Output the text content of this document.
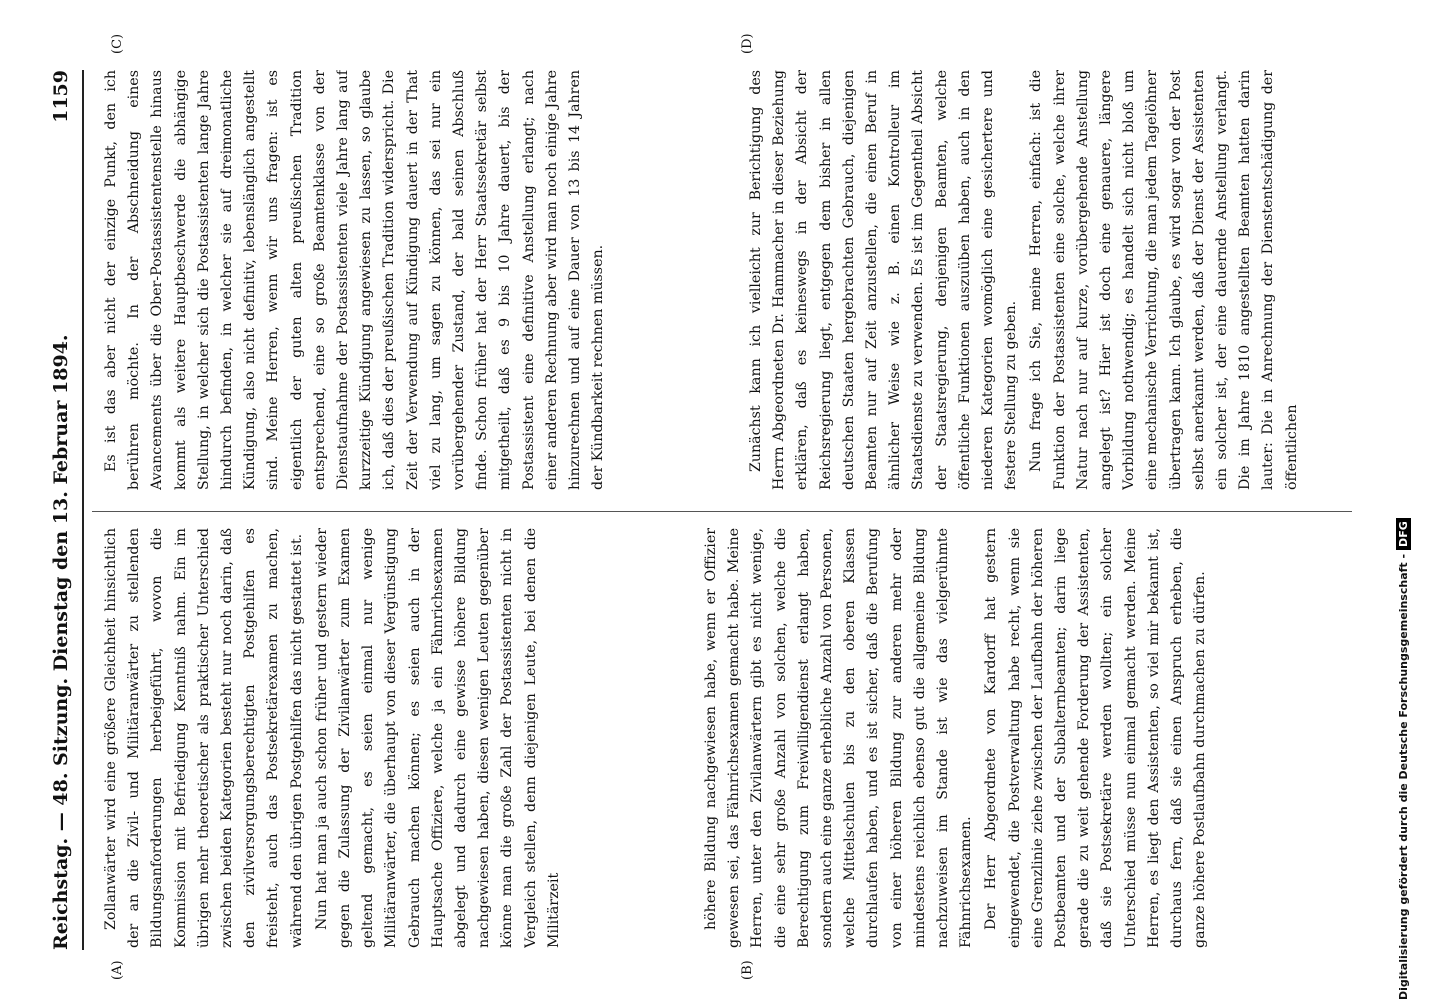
Reichstag. — 48. Sitzung. Dienstag den 13. Februar 1894.
1159
(A)	(B)
(C)	(D)

Zollanwärter wird eine größere Gleichheit hinsichtlich der an die Zivil- und Militäranwärter zu stellenden Bildungsanforderungen herbeigeführt, wovon die Kommission mit Befriedigung Kenntniß nahm. Ein im übrigen mehr theoretischer als praktischer Unterschied zwischen beiden Kategorien besteht nur noch darin, daß den zivilversorgungsberechtigten Postgehilfen es freisteht, auch das Postsekretärexamen zu machen, während den übrigen Postgehilfen das nicht gestattet ist. Nun hat man ja auch schon früher und gestern wieder gegen die Zulassung der Zivilanwärter zum Examen geltend gemacht, es seien einmal nur wenige Militäranwärter, die überhaupt von dieser Vergünstigung Gebrauch machen können; es seien auch in der Hauptsache Offiziere, welche ja ein Fähnrichsexamen abgelegt und dadurch eine gewisse höhere Bildung nachgewiesen haben, diesen wenigen Leuten gegenüber könne man die große Zahl der Postassistenten nicht in Vergleich stellen, denn diejenigen Leute, bei denen die Militärzeit	höhere Bildung nachgewiesen habe, wenn er Offizier gewesen sei, das Fähnrichsexamen gemacht habe. Meine Herren, unter den Zivilanwärtern gibt es nicht wenige, die eine sehr große Anzahl von solchen, welche die Berechtigung zum Freiwilligendienst erlangt haben, sondern auch eine ganze erhebliche Anzahl von Personen, welche Mittelschulen bis zu den oberen Klassen durchlaufen haben, und es ist sicher, daß die Berufung von einer höheren Bildung zur anderen mehr oder mindestens reichlich ebenso gut die allgemeine Bildung nachzuweisen im Stande ist wie das vielgerühmte Fähnrichsexamen. Der Herr Abgeordnete von Kardorff hat gestern eingewendet, die Postverwaltung habe recht, wenn sie eine Grenzlinie ziehe zwischen der Laufbahn der höheren Postbeamten und der Subalternbeamten; darin liege gerade die zu weit gehende Forderung der Assistenten, daß sie Postsekretäre werden wollten; ein solcher Unterschied müsse nun einmal gemacht werden. Meine Herren, es liegt den Assistenten, so viel mir bekannt ist, durchaus fern, daß sie einen Anspruch erheben, die ganze höhere Postlaufbahn durchmachen zu dürfen.

Es ist das aber nicht der einzige Punkt, den ich berühren möchte. In der Abschneidung eines Avancements über die Ober-Postassistentenstelle hinaus kommt als weitere Hauptbeschwerde die abhängige Stellung, in welcher sich die Postassistenten lange Jahre hindurch befinden, in welcher sie auf dreimonatliche Kündigung, also nicht definitiv, lebenslänglich angestellt sind. Meine Herren, wenn wir uns fragen: ist es eigentlich der guten alten preußischen Tradition entsprechend, eine so große Beamtenklasse von der Dienstaufnahme der Postassistenten viele Jahre lang auf kurzzeitige Kündigung angewiesen zu lassen, so glaube ich, daß dies der preußischen Tradition widerspricht. Die Zeit der Verwendung auf Kündigung dauert in der That viel zu lang, um sagen zu können, das sei nur ein vorübergehender Zustand, der bald seinen Abschluß finde. Schon früher hat der Herr Staatssekretär selbst mitgetheilt, daß es 9 bis 10 Jahre dauert, bis der Postassistent eine definitive Anstellung erlangt; nach einer anderen Rechnung aber wird man noch einige Jahre hinzurechnen und auf eine Dauer von 13 bis 14 Jahren der Kündbarkeit rechnen müssen.	Zunächst kann ich vielleicht zur Berichtigung des Herrn Abgeordneten Dr. Hammacher in dieser Beziehung erklären, daß es keineswegs in der Absicht der Reichsregierung liegt, entgegen dem bisher in allen deutschen Staaten hergebrachten Gebrauch, diejenigen Beamten nur auf Zeit anzustellen, die einen Beruf in ähnlicher Weise wie z. B. einen Kontrolleur im Staatsdienste zu verwenden. Es ist im Gegentheil Absicht der Staatsregierung, denjenigen Beamten, welche öffentliche Funktionen auszuüben haben, auch in den niederen Kategorien womöglich eine gesichertere und festere Stellung zu geben. Nun frage ich Sie, meine Herren, einfach: ist die Funktion der Postassistenten eine solche, welche ihrer Natur nach nur auf kurze, vorübergehende Anstellung angelegt ist? Hier ist doch eine genauere, längere Vorbildung nothwendig; es handelt sich nicht bloß um eine mechanische Verrichtung, die man jedem Tagelöhner übertragen kann. Ich glaube, es wird sogar von der Post selbst anerkannt werden, daß der Dienst der Assistenten ein solcher ist, der eine dauernde Anstellung verlangt. Die im Jahre 1810 angestellten Beamten hatten darin lauter: Die in Anrechnung der Dienstentschädigung der öffentlichen

Digitalisierung gefördert durch die Deutsche Forschungsgemeinschaft -DFG
